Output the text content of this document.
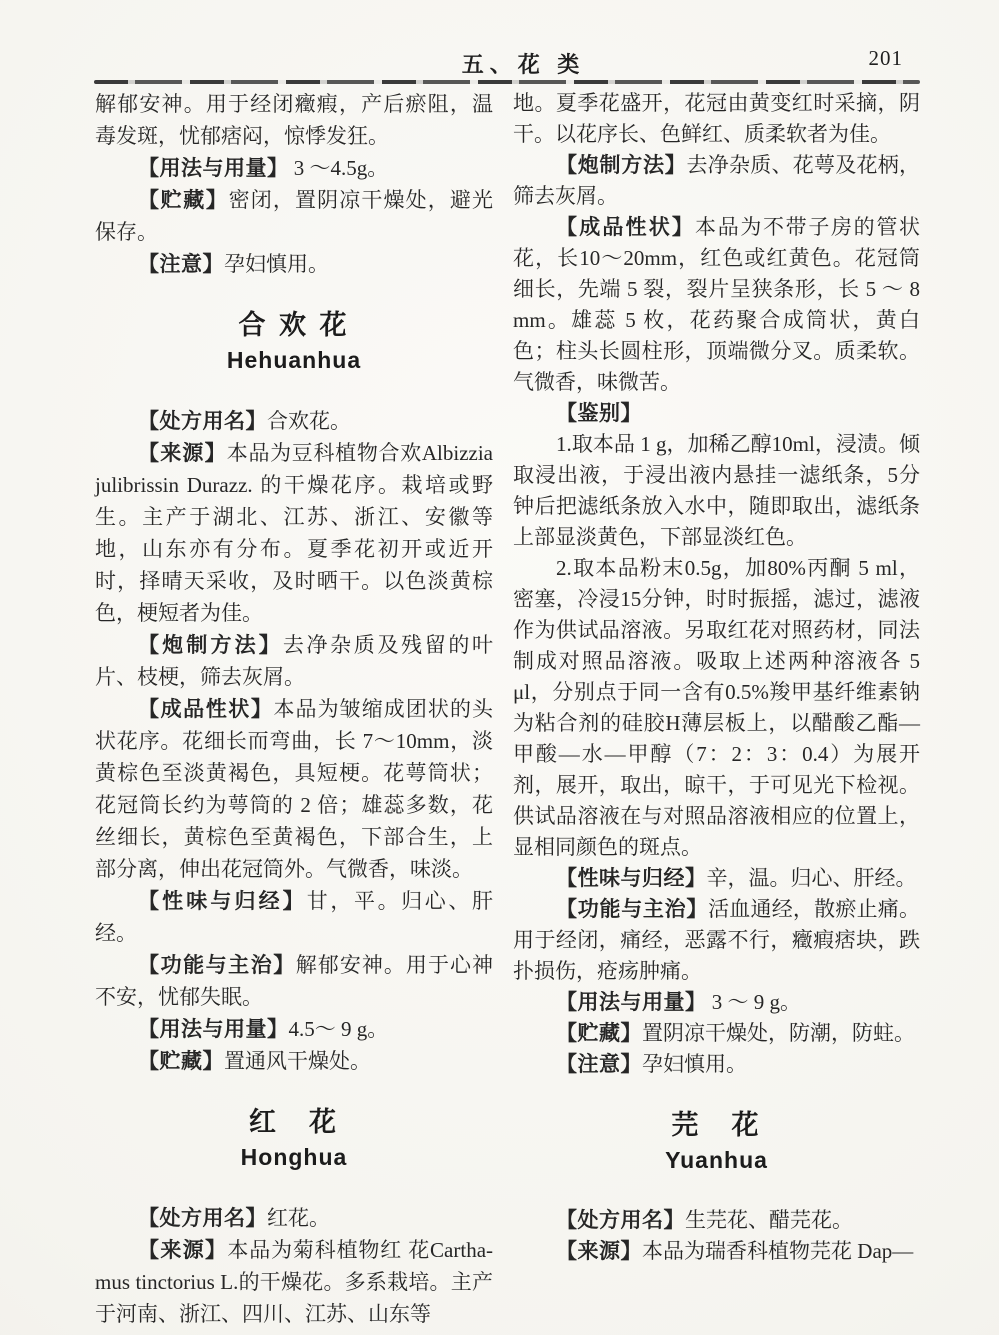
五、花 类	201
解郁安神。用于经闭癥瘕，产后瘀阻，温毒发斑，忧郁痞闷，惊悸发狂。
【用法与用量】 3 ～4.5g。
【贮藏】密闭，置阴凉干燥处，避光保存。
【注意】孕妇慎用。
合 欢 花
Hehuanhua
【处方用名】合欢花。
【来源】本品为豆科植物合欢Albizzia julibrissin Durazz. 的干燥花序。栽培或野生。主产于湖北、江苏、浙江、安徽等地，山东亦有分布。夏季花初开或近开时，择晴天采收，及时晒干。以色淡黄棕色，梗短者为佳。
【炮制方法】去净杂质及残留的叶片、枝梗，筛去灰屑。
【成品性状】本品为皱缩成团状的头状花序。花细长而弯曲，长 7～10mm，淡黄棕色至淡黄褐色，具短梗。花萼筒状；花冠筒长约为萼筒的 2 倍；雄蕊多数，花丝细长，黄棕色至黄褐色，下部合生，上部分离，伸出花冠筒外。气微香，味淡。
【性味与归经】甘，平。归心、肝经。
【功能与主治】解郁安神。用于心神不安，忧郁失眠。
【用法与用量】4.5～ 9 g。
【贮藏】置通风干燥处。
红　花
Honghua
【处方用名】红花。
【来源】本品为菊科植物红 花Cartha- mus tinctorius L.的干燥花。多系栽培。主产于河南、浙江、四川、江苏、山东等
地。夏季花盛开，花冠由黄变红时采摘，阴干。以花序长、色鲜红、质柔软者为佳。
【炮制方法】去净杂质、花萼及花柄，筛去灰屑。
【成品性状】本品为不带子房的管状花，长10～20mm，红色或红黄色。花冠筒细长，先端 5 裂，裂片呈狭条形，长 5 ～ 8 mm。雄蕊 5 枚，花药聚合成筒状，黄白色；柱头长圆柱形，顶端微分叉。质柔软。气微香，味微苦。
【鉴别】
1.取本品 1 g，加稀乙醇10ml，浸渍。倾取浸出液，于浸出液内悬挂一滤纸条，5分钟后把滤纸条放入水中，随即取出，滤纸条上部显淡黄色，下部显淡红色。
2.取本品粉末0.5g，加80%丙酮 5 ml，密塞，冷浸15分钟，时时振摇，滤过，滤液作为供试品溶液。另取红花对照药材，同法制成对照品溶液。吸取上述两种溶液各 5 μl，分别点于同一含有0.5%羧甲基纤维素钠为粘合剂的硅胶H薄层板上，以醋酸乙酯—甲酸—水—甲醇（7：2：3：0.4）为展开剂，展开，取出，晾干，于可见光下检视。供试品溶液在与对照品溶液相应的位置上，显相同颜色的斑点。
【性味与归经】辛，温。归心、肝经。
【功能与主治】活血通经，散瘀止痛。用于经闭，痛经，恶露不行，癥瘕痞块，跌扑损伤，疮疡肿痛。
【用法与用量】 3 ～ 9 g。
【贮藏】置阴凉干燥处，防潮，防蛀。
【注意】孕妇慎用。
芫　花
Yuanhua
【处方用名】生芫花、醋芫花。
【来源】本品为瑞香科植物芫花 Dap—
